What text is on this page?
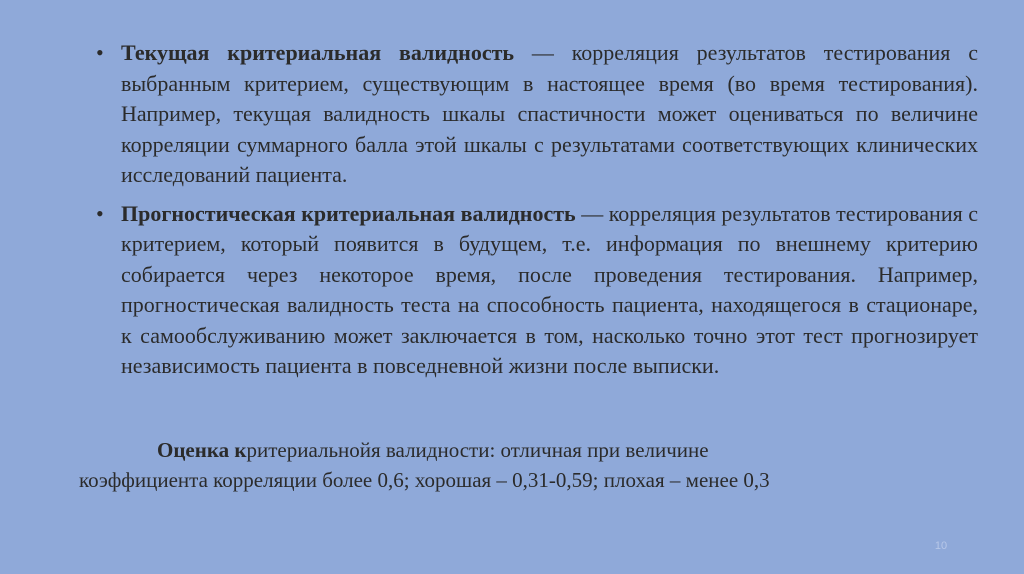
• Текущая критериальная валидность — корреляция результатов тестирования с выбранным критерием, существующим в настоящее время (во время тестирования). Например, текущая валидность шкалы спастичности может оцениваться по величине корреляции суммарного балла этой шкалы с результатами соответствующих клинических исследований пациента.
• Прогностическая критериальная валидность — корреляция результатов тестирования с критерием, который появится в будущем, т.е. информация по внешнему критерию собирается через некоторое время, после проведения тестирования. Например, прогностическая валидность теста на способность пациента, находящегося в стационаре, к самообслуживанию может заключается в том, насколько точно этот тест прогнозирует независимость пациента в повседневной жизни после выписки.
Оценка критериальнойя валидности: отличная при величине
коэффициента корреляции более 0,6; хорошая – 0,31-0,59; плохая – менее 0,3
10
